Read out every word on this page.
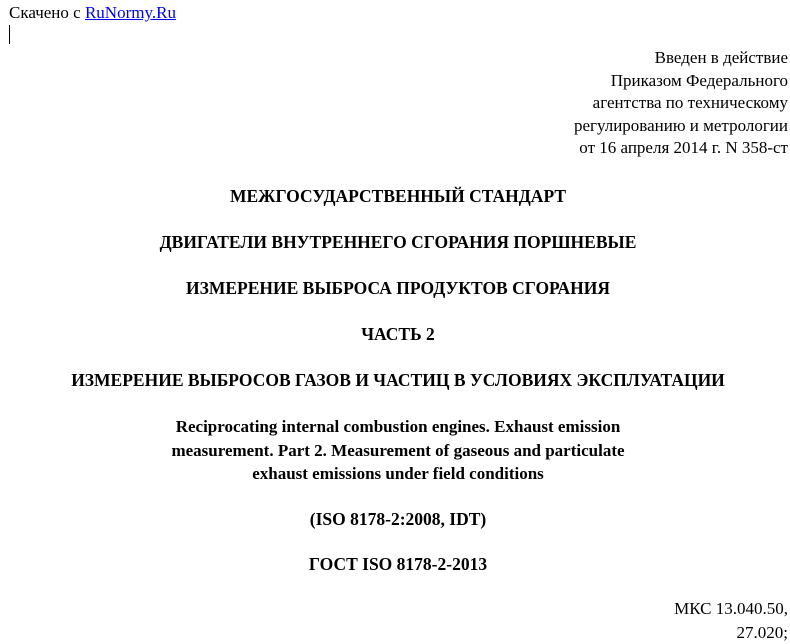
Скачено с RuNormy.Ru
Введен в действие
Приказом Федерального
агентства по техническому
регулированию и метрологии
от 16 апреля 2014 г. N 358-ст
МЕЖГОСУДАРСТВЕННЫЙ СТАНДАРТ
ДВИГАТЕЛИ ВНУТРЕННЕГО СГОРАНИЯ ПОРШНЕВЫЕ
ИЗМЕРЕНИЕ ВЫБРОСА ПРОДУКТОВ СГОРАНИЯ
ЧАСТЬ 2
ИЗМЕРЕНИЕ ВЫБРОСОВ ГАЗОВ И ЧАСТИЦ В УСЛОВИЯХ ЭКСПЛУАТАЦИИ
Reciprocating internal combustion engines. Exhaust emission
measurement. Part 2. Measurement of gaseous and particulate
exhaust emissions under field conditions
(ISO 8178-2:2008, IDT)
ГОСТ ISO 8178-2-2013
МКС 13.040.50,
27.020;
